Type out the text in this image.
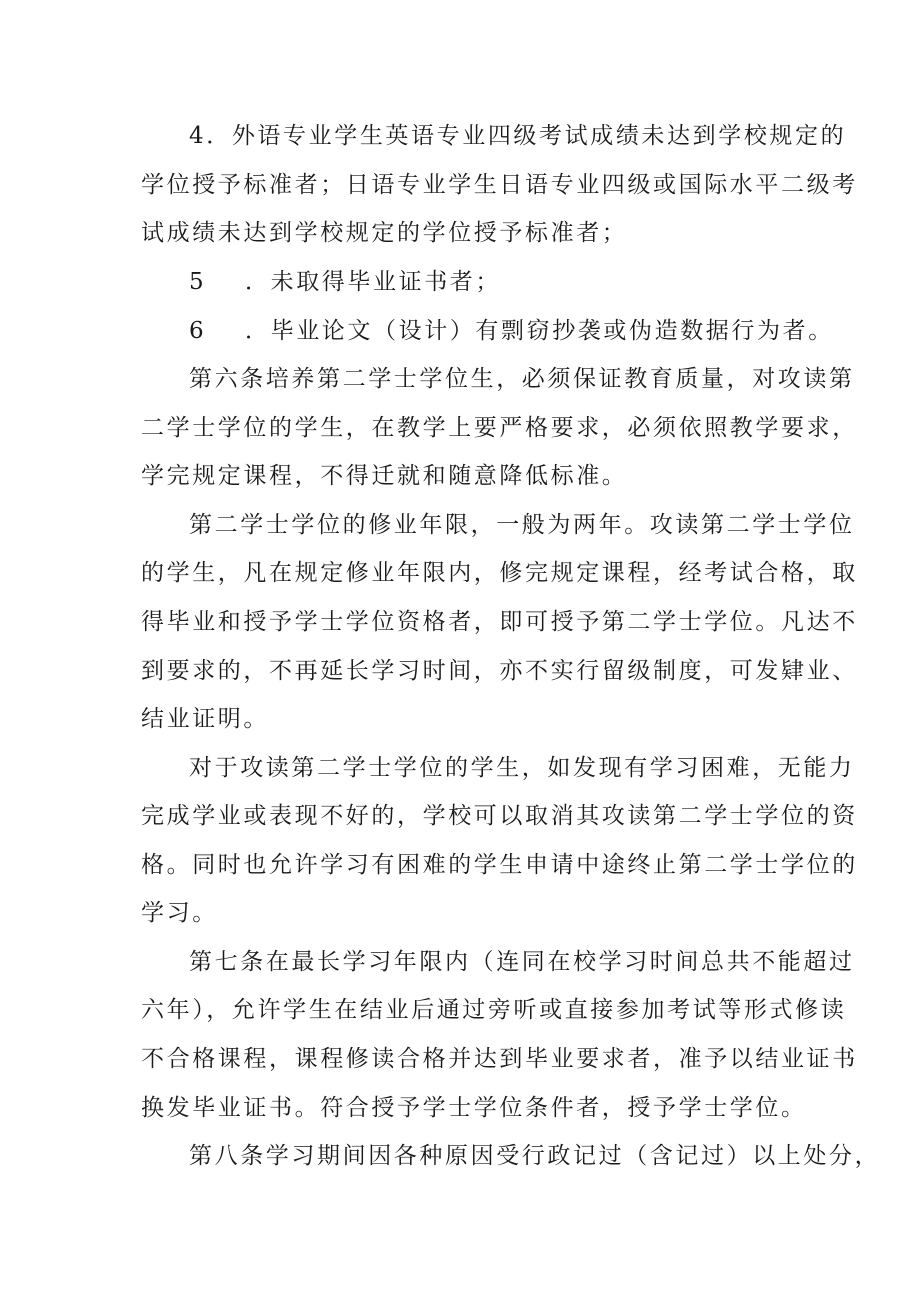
4．外语专业学生英语专业四级考试成绩未达到学校规定的
学位授予标准者；日语专业学生日语专业四级或国际水平二级考
试成绩未达到学校规定的学位授予标准者；
5 ．未取得毕业证书者；
6 ．毕业论文（设计）有剽窃抄袭或伪造数据行为者。
第六条培养第二学士学位生，必须保证教育质量，对攻读第
二学士学位的学生，在教学上要严格要求，必须依照教学要求，
学完规定课程，不得迁就和随意降低标准。
第二学士学位的修业年限，一般为两年。攻读第二学士学位
的学生，凡在规定修业年限内，修完规定课程，经考试合格，取
得毕业和授予学士学位资格者，即可授予第二学士学位。凡达不
到要求的，不再延长学习时间，亦不实行留级制度，可发肄业、
结业证明。
对于攻读第二学士学位的学生，如发现有学习困难，无能力
完成学业或表现不好的，学校可以取消其攻读第二学士学位的资
格。同时也允许学习有困难的学生申请中途终止第二学士学位的
学习。
第七条在最长学习年限内（连同在校学习时间总共不能超过
六年），允许学生在结业后通过旁听或直接参加考试等形式修读
不合格课程，课程修读合格并达到毕业要求者，准予以结业证书
换发毕业证书。符合授予学士学位条件者，授予学士学位。
第八条学习期间因各种原因受行政记过（含记过）以上处分，
